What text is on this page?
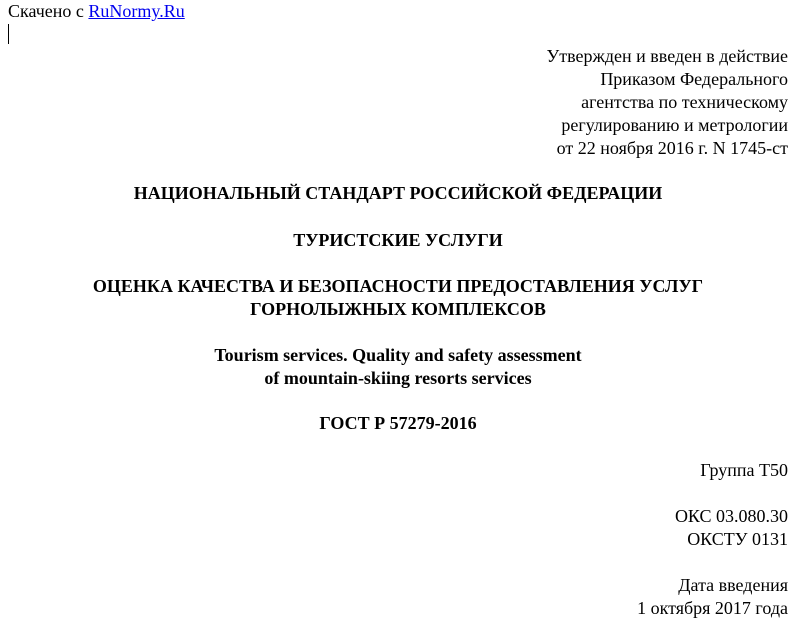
Скачено с RuNormy.Ru
Утвержден и введен в действие
Приказом Федерального
агентства по техническому
регулированию и метрологии
от 22 ноября 2016 г. N 1745-ст
НАЦИОНАЛЬНЫЙ СТАНДАРТ РОССИЙСКОЙ ФЕДЕРАЦИИ
ТУРИСТСКИЕ УСЛУГИ
ОЦЕНКА КАЧЕСТВА И БЕЗОПАСНОСТИ ПРЕДОСТАВЛЕНИЯ УСЛУГ
ГОРНОЛЫЖНЫХ КОМПЛЕКСОВ
Tourism services. Quality and safety assessment
of mountain-skiing resorts services
ГОСТ Р 57279-2016
Группа Т50
ОКС 03.080.30
ОКСТУ 0131
Дата введения
1 октября 2017 года
